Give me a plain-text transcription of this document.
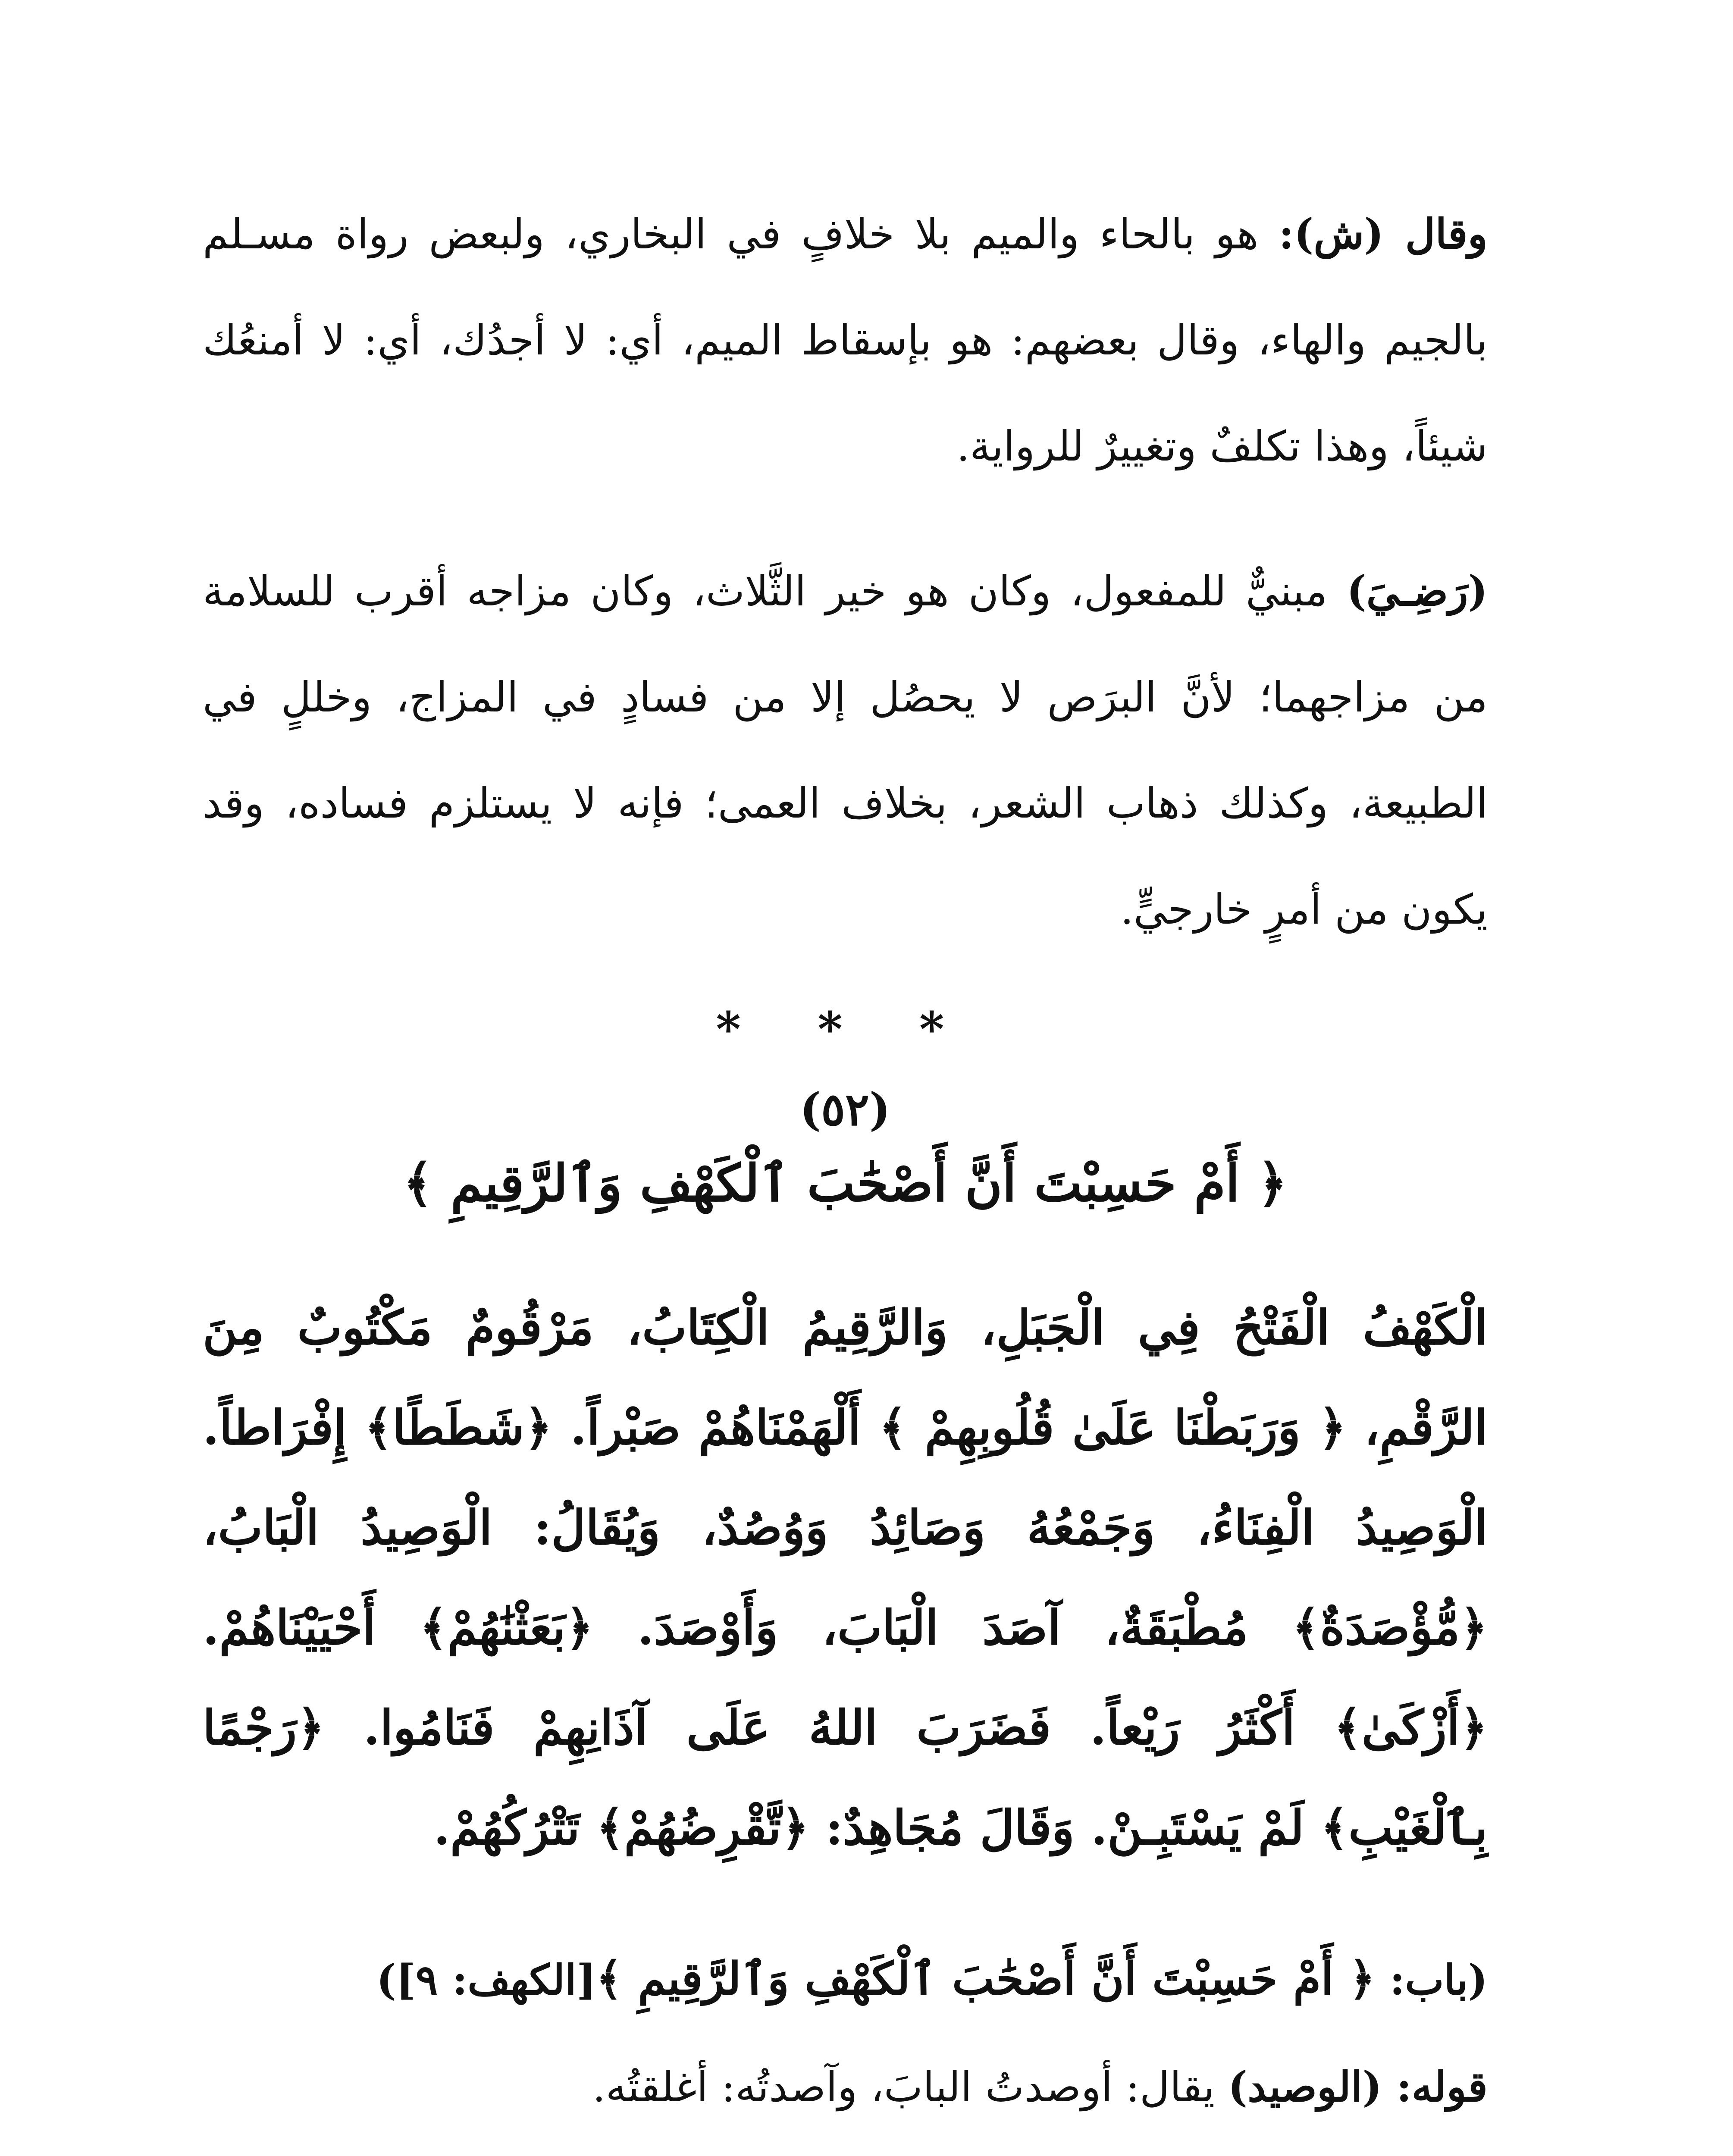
وقال (ش): هو بالحاء والميم بلا خلافٍ في البخاري، ولبعض رواة مسـلم بالجيم والهاء، وقال بعضهم: هو بإسقاط الميم، أي: لا أجدُك، أي: لا أمنعُك شيئاً، وهذا تكلفٌ وتغييرٌ للرواية.

(رَضِـيَ) مبنيٌّ للمفعول، وكان هو خير الثَّلاث، وكان مزاجه أقرب للسلامة من مزاجهما؛ لأنَّ البرَص لا يحصُل إلا من فسادٍ في المزاج، وخللٍ في الطبيعة، وكذلك ذهاب الشعر، بخلاف العمى؛ فإنه لا يستلزم فساده، وقد يكون من أمرٍ خارجيٍّ.

* * *
(٥٢)
﴿ أَمْ حَسِبْتَ أَنَّ أَصْحَٰبَ ٱلْكَهْفِ وَٱلرَّقِيمِ ﴾

الْكَهْفُ الْفَتْحُ فِي الْجَبَلِ، وَالرَّقِيمُ الْكِتَابُ، مَرْقُومٌ مَكْتُوبٌ مِنَ الرَّقْمِ، ﴿ وَرَبَطْنَا عَلَىٰ قُلُوبِهِمْ ﴾ أَلْهَمْنَاهُمْ صَبْراً. ﴿شَطَطًا﴾ إِفْرَاطاً. الْوَصِيدُ الْفِنَاءُ، وَجَمْعُهُ وَصَائِدُ وَوُصُدٌ، وَيُقَالُ: الْوَصِيدُ الْبَابُ، ﴿مُّؤْصَدَةٌ﴾ مُطْبَقَةٌ، آصَدَ الْبَابَ، وَأَوْصَدَ. ﴿بَعَثْنَٰهُمْ﴾ أَحْيَيْنَاهُمْ. ﴿أَزْكَىٰ﴾ أَكْثَرُ رَيْعاً. فَضَرَبَ اللهُ عَلَى آذَانِهِمْ فَنَامُوا. ﴿رَجْمًا بِٱلْغَيْبِ﴾ لَمْ يَسْتَبِـنْ. وَقَالَ مُجَاهِدٌ: ﴿تَّقْرِضُهُمْ﴾ تَتْرُكُهُمْ.

(باب: ﴿ أَمْ حَسِبْتَ أَنَّ أَصْحَٰبَ ٱلْكَهْفِ وَٱلرَّقِيمِ ﴾[الكهف: ٩])

قوله: (الوصيد) يقال: أوصدتُ البابَ، وآصدتُه: أغلقتُه.
